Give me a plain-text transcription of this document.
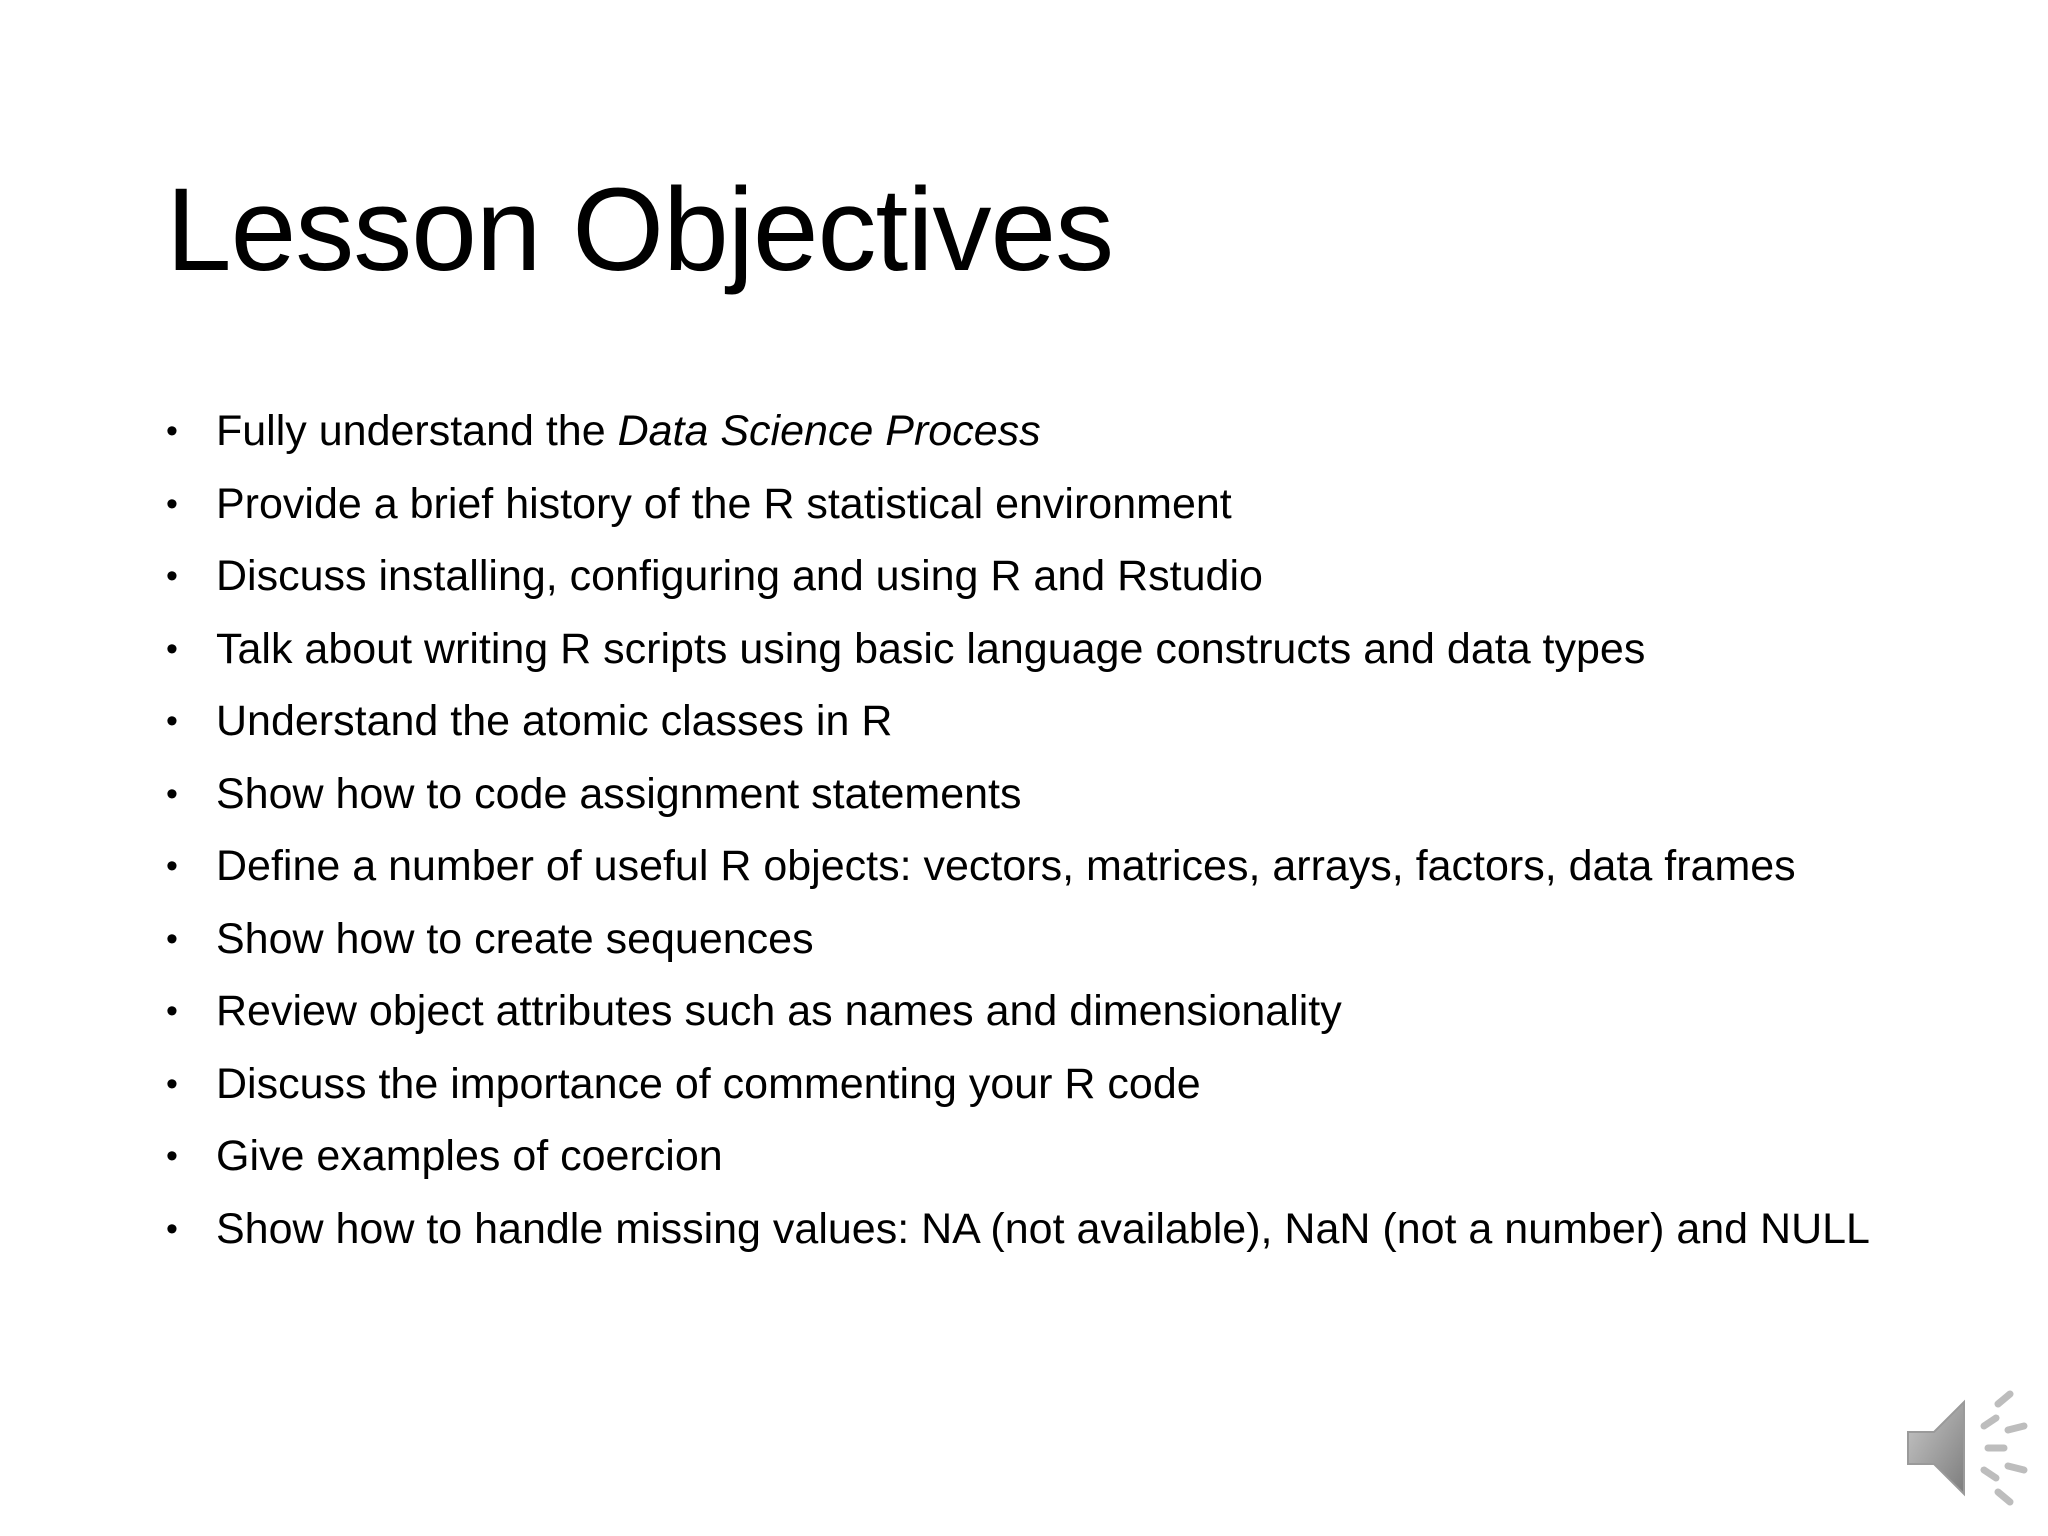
Lesson Objectives
• Fully understand the Data Science Process
• Provide a brief history of the R statistical environment
• Discuss installing, configuring and using R and Rstudio
• Talk about writing R scripts using basic language constructs and data types
• Understand the atomic classes in R
• Show how to code assignment statements
• Define a number of useful R objects: vectors, matrices, arrays, factors, data frames
• Show how to create sequences
• Review object attributes such as names and dimensionality
• Discuss the importance of commenting your R code
• Give examples of coercion
• Show how to handle missing values: NA (not available), NaN (not a number) and NULL
